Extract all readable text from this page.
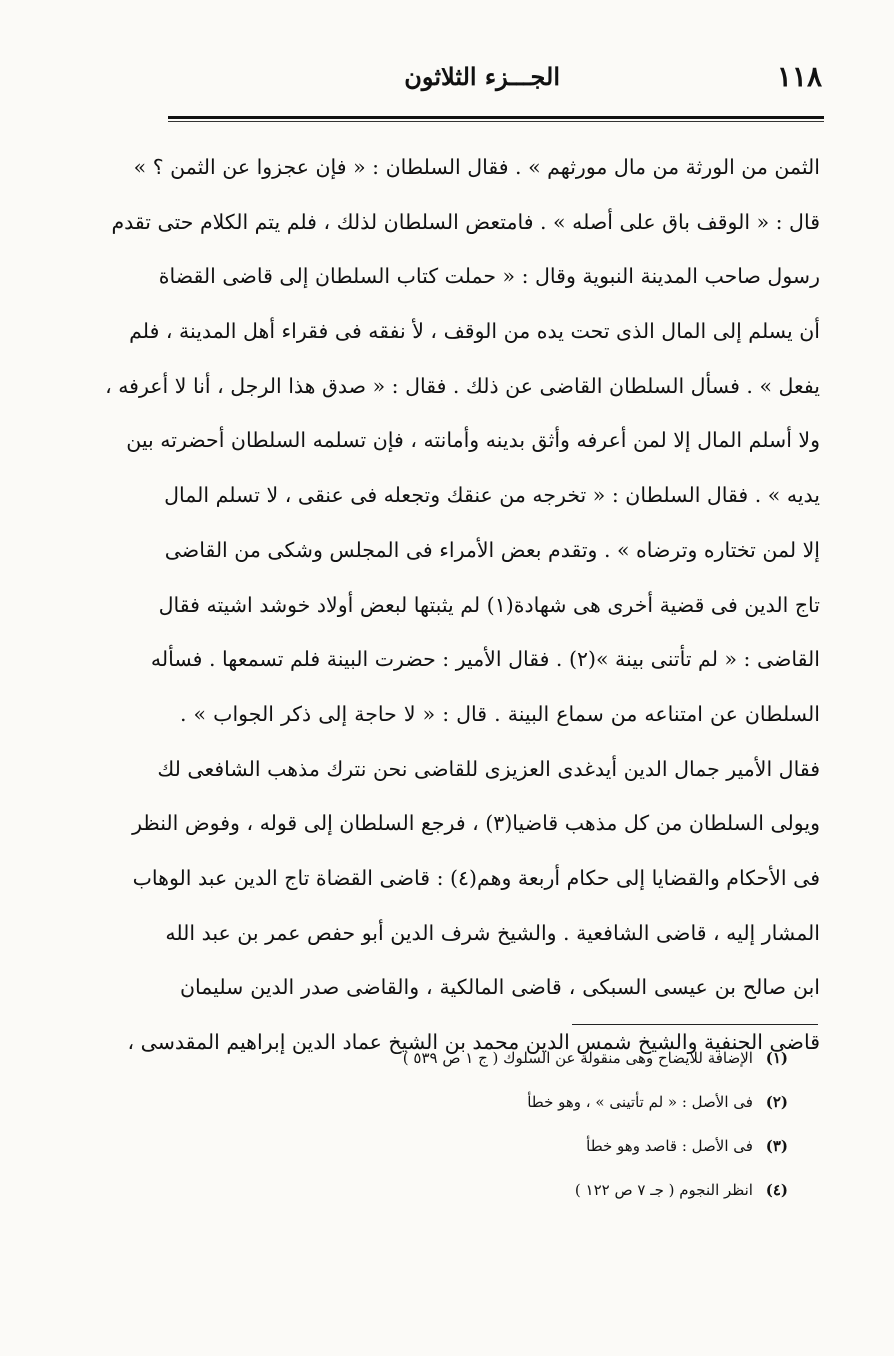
١١٨
الجـــزء الثلاثون
الثمن من الورثة من مال مورثهم » . فقال السلطان : « فإن عجزوا عن الثمن ؟ »
قال : « الوقف باق على أصله » . فامتعض السلطان لذلك ، فلم يتم الكلام حتى تقدم
رسول صاحب المدينة النبوية وقال : « حملت كتاب السلطان إلى قاضى القضاة
أن يسلم إلى المال الذى تحت يده من الوقف ، لأ نفقه فى فقراء أهل المدينة ، فلم
يفعل » . فسأل السلطان القاضى عن ذلك . فقال : « صدق هذا الرجل ، أنا لا أعرفه ،
ولا أسلم المال إلا لمن أعرفه وأثق بدينه وأمانته ، فإن تسلمه السلطان أحضرته بين
يديه » . فقال السلطان : « تخرجه من عنقك وتجعله فى عنقى ، لا تسلم المال
إلا لمن تختاره وترضاه » . وتقدم بعض الأمراء فى المجلس وشكى من القاضى
تاج الدين فى قضية أخرى هى شهادة(١) لم يثبتها لبعض أولاد خوشد اشيته فقال
القاضى : « لم تأتنى بينة »(٢) . فقال الأمير : حضرت البينة فلم تسمعها . فسأله
السلطان عن امتناعه من سماع البينة . قال : « لا حاجة إلى ذكر الجواب » .
فقال الأمير جمال الدين أيدغدى العزيزى للقاضى نحن نترك مذهب الشافعى لك
ويولى السلطان من كل مذهب قاضيا(٣) ، فرجع السلطان إلى قوله ، وفوض النظر
فى الأحكام والقضايا إلى حكام أربعة وهم(٤) : قاضى القضاة تاج الدين عبد الوهاب
المشار إليه ، قاضى الشافعية . والشيخ شرف الدين أبو حفص عمر بن عبد الله
ابن صالح بن عيسى السبكى ، قاضى المالكية ، والقاضى صدر الدين سليمان
قاضى الحنفية والشيخ شمس الدين محمد بن الشيخ عماد الدين إبراهيم المقدسى ،
(١) الإضافة للايضاح وهى منقولة عن السلوك ( ج ١ ص ٥٣٩ )
(٢) فى الأصل : « لم تأتينى » ، وهو خطأ
(٣) فى الأصل : قاصد وهو خطأ
(٤) انظر النجوم ( جـ ٧ ص ١٢٢ )
